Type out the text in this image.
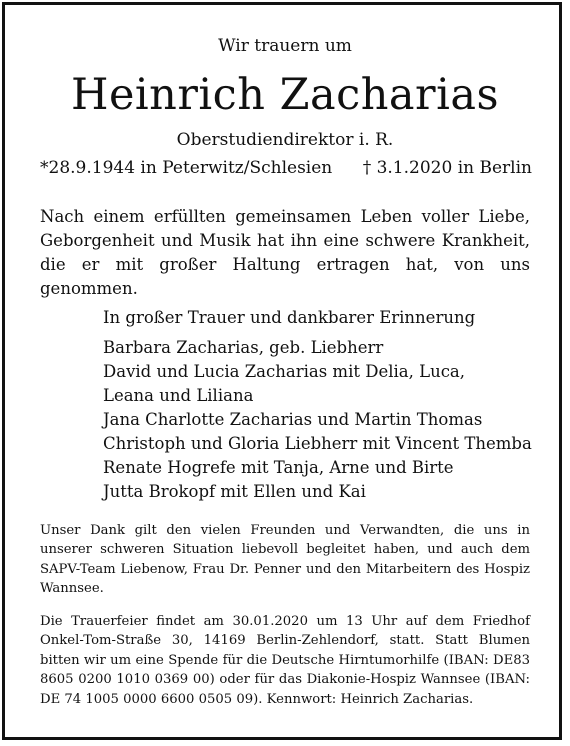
Wir trauern um
Heinrich Zacharias
Oberstudiendirektor i. R.
*28.9.1944 in Peterwitz/Schlesien † 3.1.2020 in Berlin
Nach einem erfüllten gemeinsamen Leben voller Liebe, Geborgenheit und Musik hat ihn eine schwere Krankheit, die er mit großer Haltung ertragen hat, von uns genommen.
In großer Trauer und dankbarer Erinnerung
Barbara Zacharias, geb. Liebherr
David und Lucia Zacharias mit Delia, Luca,
Leana und Liliana
Jana Charlotte Zacharias und Martin Thomas
Christoph und Gloria Liebherr mit Vincent Themba
Renate Hogrefe mit Tanja, Arne und Birte
Jutta Brokopf mit Ellen und Kai
Unser Dank gilt den vielen Freunden und Verwandten, die uns in unserer schweren Situation liebevoll begleitet haben, und auch dem SAPV-Team Liebenow, Frau Dr. Penner und den Mitarbeitern des Hospiz Wannsee.
Die Trauerfeier findet am 30.01.2020 um 13 Uhr auf dem Friedhof Onkel-Tom-Straße 30, 14169 Berlin-Zehlendorf, statt. Statt Blumen bitten wir um eine Spende für die Deutsche Hirntumorhilfe (IBAN: DE83 8605 0200 1010 0369 00) oder für das Diakonie-Hospiz Wannsee (IBAN: DE 74 1005 0000 6600 0505 09). Kennwort: Heinrich Zacharias.
